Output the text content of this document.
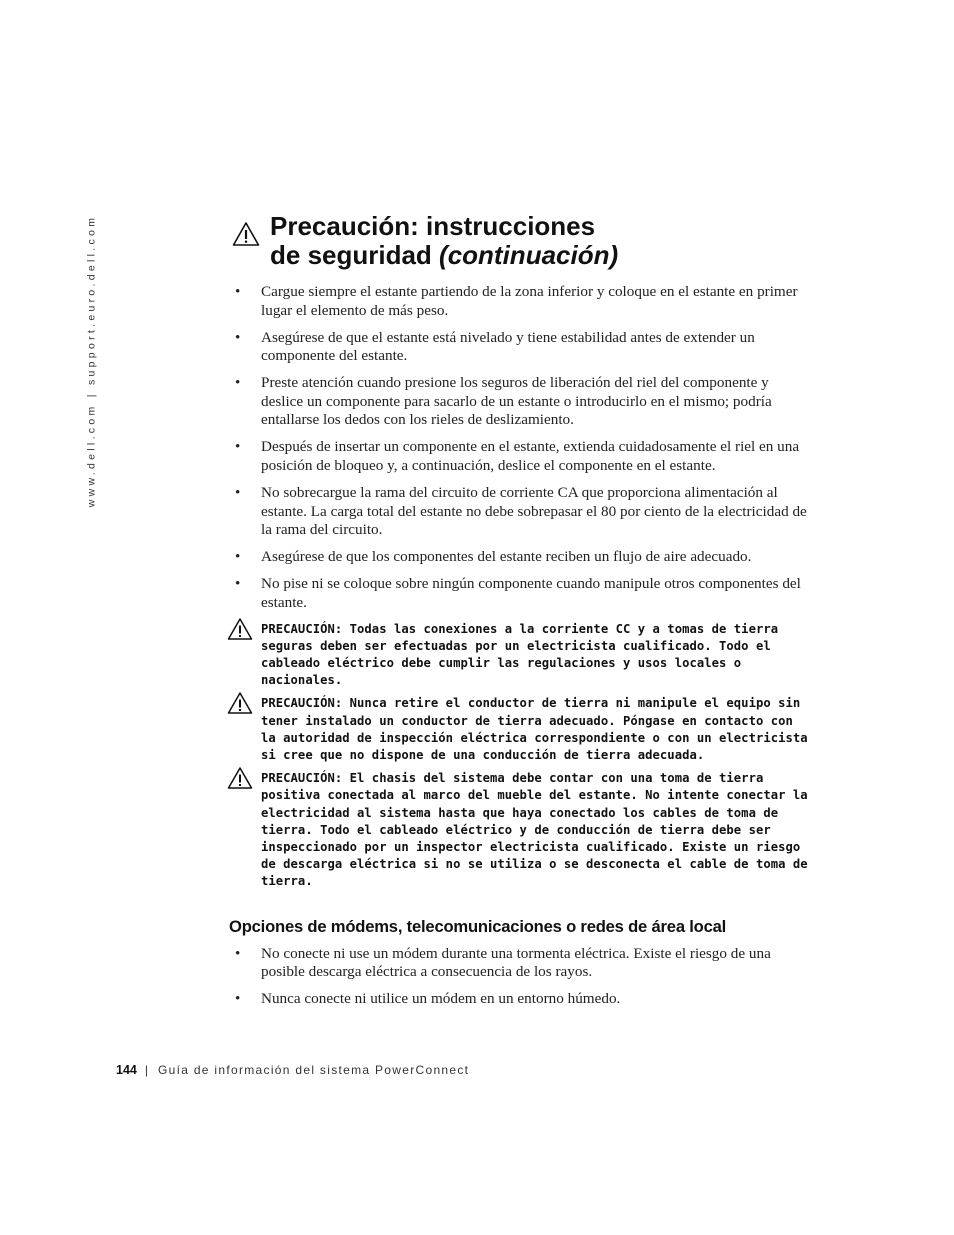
www.dell.com | support.euro.dell.com	Precaución: instrucciones
de seguridad (continuación)
• Cargue siempre el estante partiendo de la zona inferior y coloque en el estante en primer lugar el elemento de más peso.
• Asegúrese de que el estante está nivelado y tiene estabilidad antes de extender un componente del estante.
• Preste atención cuando presione los seguros de liberación del riel del componente y deslice un componente para sacarlo de un estante o introducirlo en el mismo; podría entallarse los dedos con los rieles de deslizamiento.
• Después de insertar un componente en el estante, extienda cuidadosamente el riel en una posición de bloqueo y, a continuación, deslice el componente en el estante.
• No sobrecargue la rama del circuito de corriente CA que proporciona alimentación al estante. La carga total del estante no debe sobrepasar el 80 por ciento de la electricidad de la rama del circuito.
• Asegúrese de que los componentes del estante reciben un flujo de aire adecuado.
• No pise ni se coloque sobre ningún componente cuando manipule otros componentes del estante.

PRECAUCIÓN: Todas las conexiones a la corriente CC y a tomas de tierra seguras deben ser efectuadas por un electricista cualificado. Todo el cableado eléctrico debe cumplir las regulaciones y usos locales o nacionales.

PRECAUCIÓN: Nunca retire el conductor de tierra ni manipule el equipo sin tener instalado un conductor de tierra adecuado. Póngase en contacto con la autoridad de inspección eléctrica correspondiente o con un electricista si cree que no dispone de una conducción de tierra adecuada.

PRECAUCIÓN: El chasis del sistema debe contar con una toma de tierra positiva conectada al marco del mueble del estante. No intente conectar la electricidad al sistema hasta que haya conectado los cables de toma de tierra. Todo el cableado eléctrico y de conducción de tierra debe ser inspeccionado por un inspector electricista cualificado. Existe un riesgo de descarga eléctrica si no se utiliza o se desconecta el cable de toma de tierra.

Opciones de módems, telecomunicaciones o redes de área local
• No conecte ni use un módem durante una tormenta eléctrica. Existe el riesgo de una posible descarga eléctrica a consecuencia de los rayos.
• Nunca conecte ni utilice un módem en un entorno húmedo.
144 | Guía de información del sistema PowerConnect
